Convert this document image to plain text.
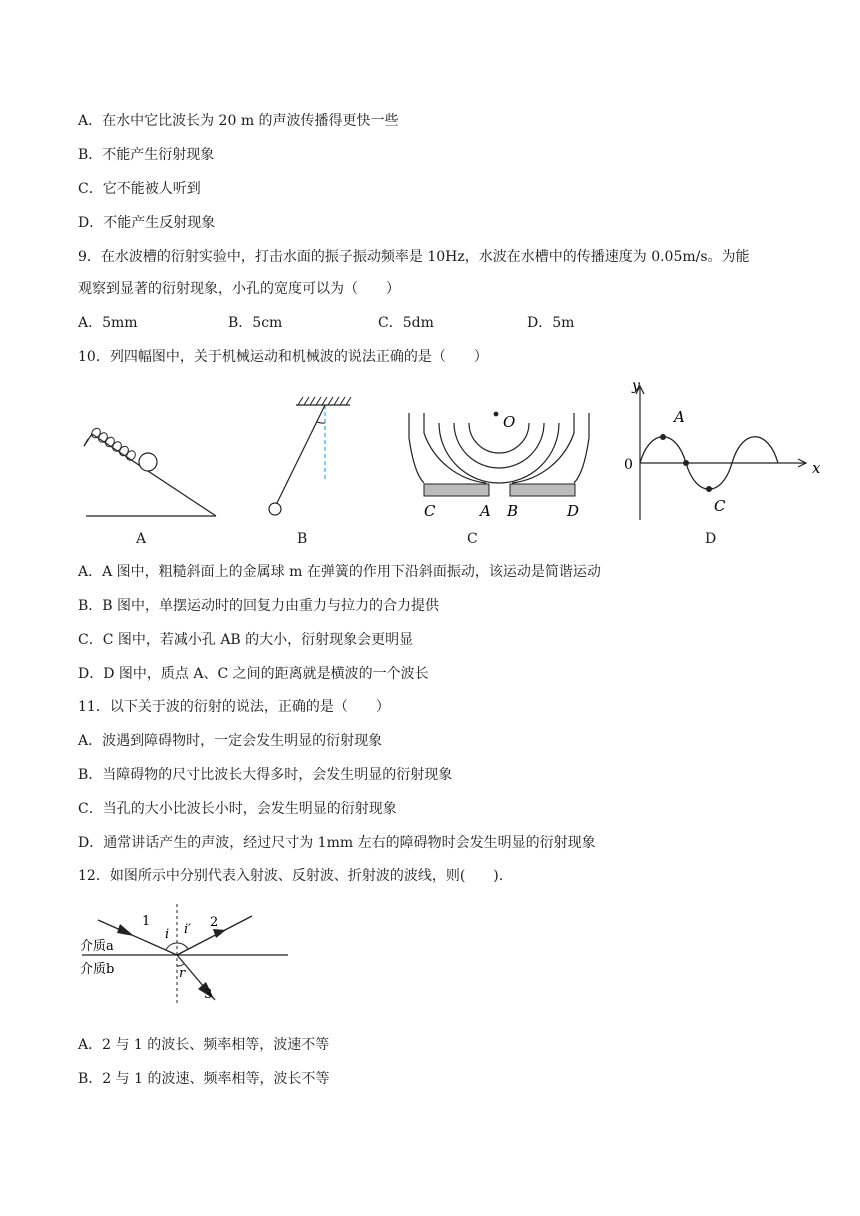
A．在水中它比波长为 20 m 的声波传播得更快一些
B．不能产生衍射现象
C．它不能被人听到
D．不能产生反射现象
9．在水波槽的衍射实验中，打击水面的振子振动频率是 10Hz，水波在水槽中的传播速度为 0.05m/s。为能
观察到显著的衍射现象，小孔的宽度可以为（　　）
A．5mm	B．5cm	C．5dm	D．5m
10．列四幅图中，关于机械运动和机械波的说法正确的是（　　）
A	B
O
C	A B	D
C
y
x
0
A
C
D
A．A 图中，粗糙斜面上的金属球 m 在弹簧的作用下沿斜面振动，该运动是简谐运动
B．B 图中，单摆运动时的回复力由重力与拉力的合力提供
C．C 图中，若减小孔 AB 的大小，衍射现象会更明显
D．D 图中，质点 A、C 之间的距离就是横波的一个波长
11．以下关于波的衍射的说法，正确的是（　　）
A．波遇到障碍物时，一定会发生明显的衍射现象
B．当障碍物的尺寸比波长大得多时，会发生明显的衍射现象
C．当孔的大小比波长小时，会发生明显的衍射现象
D．通常讲话产生的声波，经过尺寸为 1mm 左右的障碍物时会发生明显的衍射现象
12．如图所示中分别代表入射波、反射波、折射波的波线，则(　　).
介质a
介质b
1	2
3
i i′
r
A．2 与 1 的波长、频率相等，波速不等
B．2 与 1 的波速、频率相等，波长不等
